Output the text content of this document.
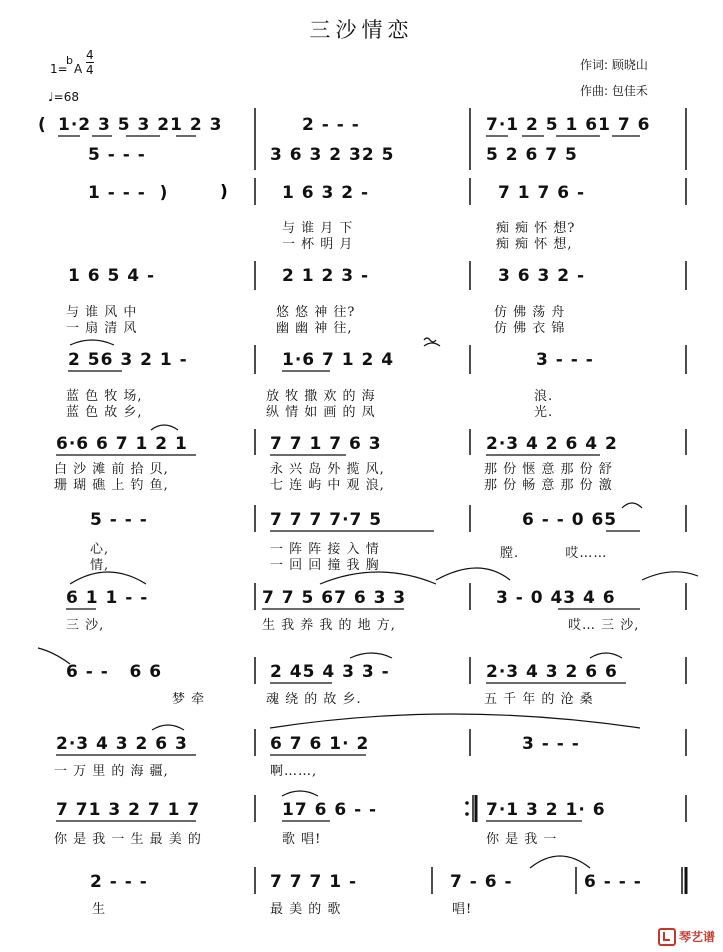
三沙情恋
作词: 顾晓山
作曲: 包佳禾
1=
b
A $\frac{4}{4}$
♩=68
( 1·2 3 5 3 21 2 3
5 - - -
2 - - -
3 6 3 2 32 5
7·1 2 5 1 61 7 6
5 2 6 7 5
1 - - -  )	1 6 3 2 -	7 1 7 6 -
与 谁 月 下
一 杯 明 月
痴 痴 怀 想?
痴 痴 怀 想,
1 6 5 4 -	2 1 2 3 -	3 6 3 2 -
与 谁 风 中
一 扇 清 风
悠 悠 神 往?
幽 幽 神 往,
仿 佛 荡 舟
仿 佛 衣 锦
2 56 3 2 1 -	1·6 7 1 2 4	3 - - -
蓝 色 牧 场,
蓝 色 故 乡,
放 牧 撒 欢 的 海
纵 情 如 画 的 凤
浪.
光.
6·6 6 7 1 2 1	7 7 1 7 6 3	2·3 4 2 6 4 2
白 沙 滩 前 拾 贝,
珊 瑚 礁 上 钓 鱼,
永 兴 岛 外 揽 风,
七 连 屿 中 观 浪,
那 份 惬 意 那 份 舒
那 份 畅 意 那 份 激
5 - - -	7 7 7 7·7 5	6 - - 0 65
心,
情,
一 阵 阵 接 入 情
一 回 回 撞 我 胸
膛.         哎……
6 1 1 - -	7 7 5 67 6 3 3	3 - 0 43 4 6
三 沙,	生 我 养 我 的 地 方,	哎… 三 沙,
6 - -   6 6	2 45 4 3 3 -	2·3 4 3 2 6 6
梦 牵	魂 绕 的 故 乡.	五 千 年 的 沧 桑
2·3 4 3 2 6 3	6 7 6 1· 2	3 - - -
一 万 里 的 海 疆,	啊……,
7 71 3 2 7 1 7	17 6 6 - -	7·1 3 2 1· 6
你 是 我 一 生 最 美 的	歌 唱!	你 是 我 一
2 - - -	7 7 7 1 -	7 - 6 -	6 - - -
生	最 美 的 歌	唱!
)
琴艺谱
